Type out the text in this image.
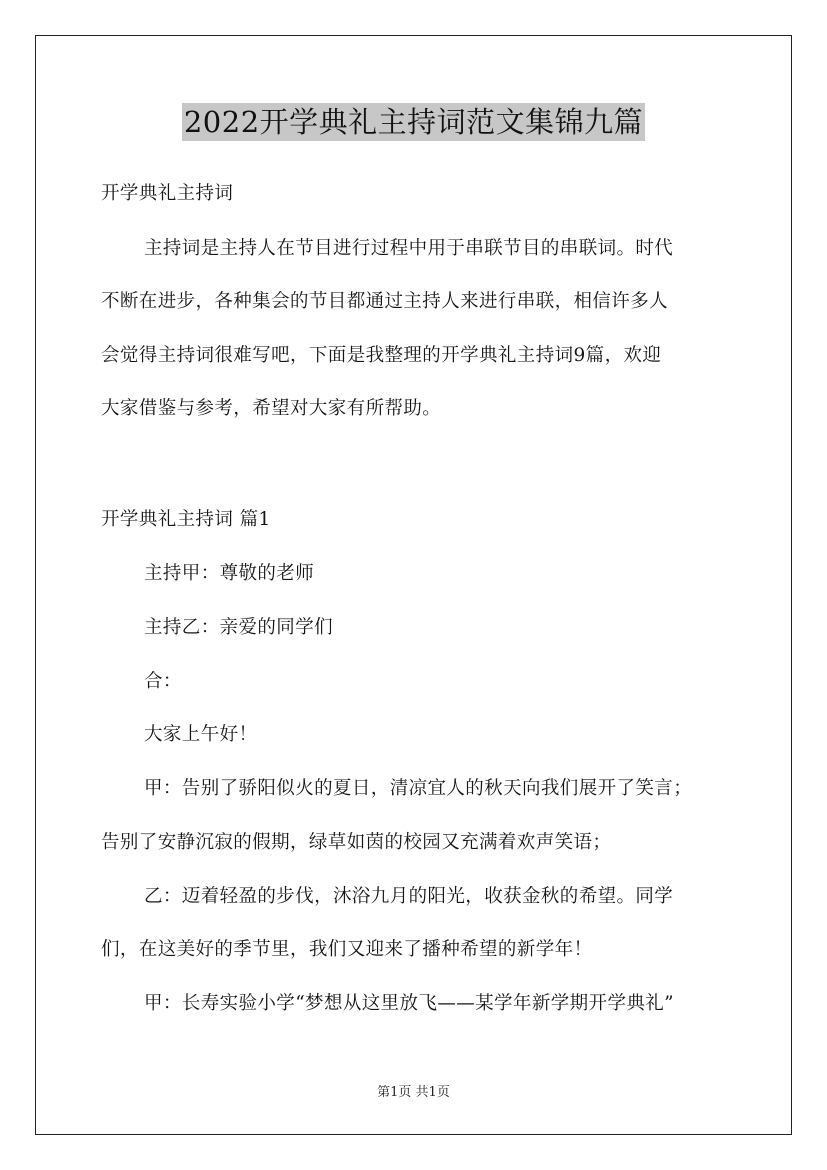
2022开学典礼主持词范文集锦九篇
开学典礼主持词
主持词是主持人在节目进行过程中用于串联节目的串联词。时代
不断在进步，各种集会的节目都通过主持人来进行串联，相信许多人
会觉得主持词很难写吧，下面是我整理的开学典礼主持词9篇，欢迎
大家借鉴与参考，希望对大家有所帮助。
开学典礼主持词 篇1
主持甲：尊敬的老师
主持乙：亲爱的同学们
合：
大家上午好！
甲：告别了骄阳似火的夏日，清凉宜人的秋天向我们展开了笑言；
告别了安静沉寂的假期，绿草如茵的校园又充满着欢声笑语；
乙：迈着轻盈的步伐，沐浴九月的阳光，收获金秋的希望。同学
们，在这美好的季节里，我们又迎来了播种希望的新学年！
甲：长寿实验小学“梦想从这里放飞——某学年新学期开学典礼”
第1页 共1页
